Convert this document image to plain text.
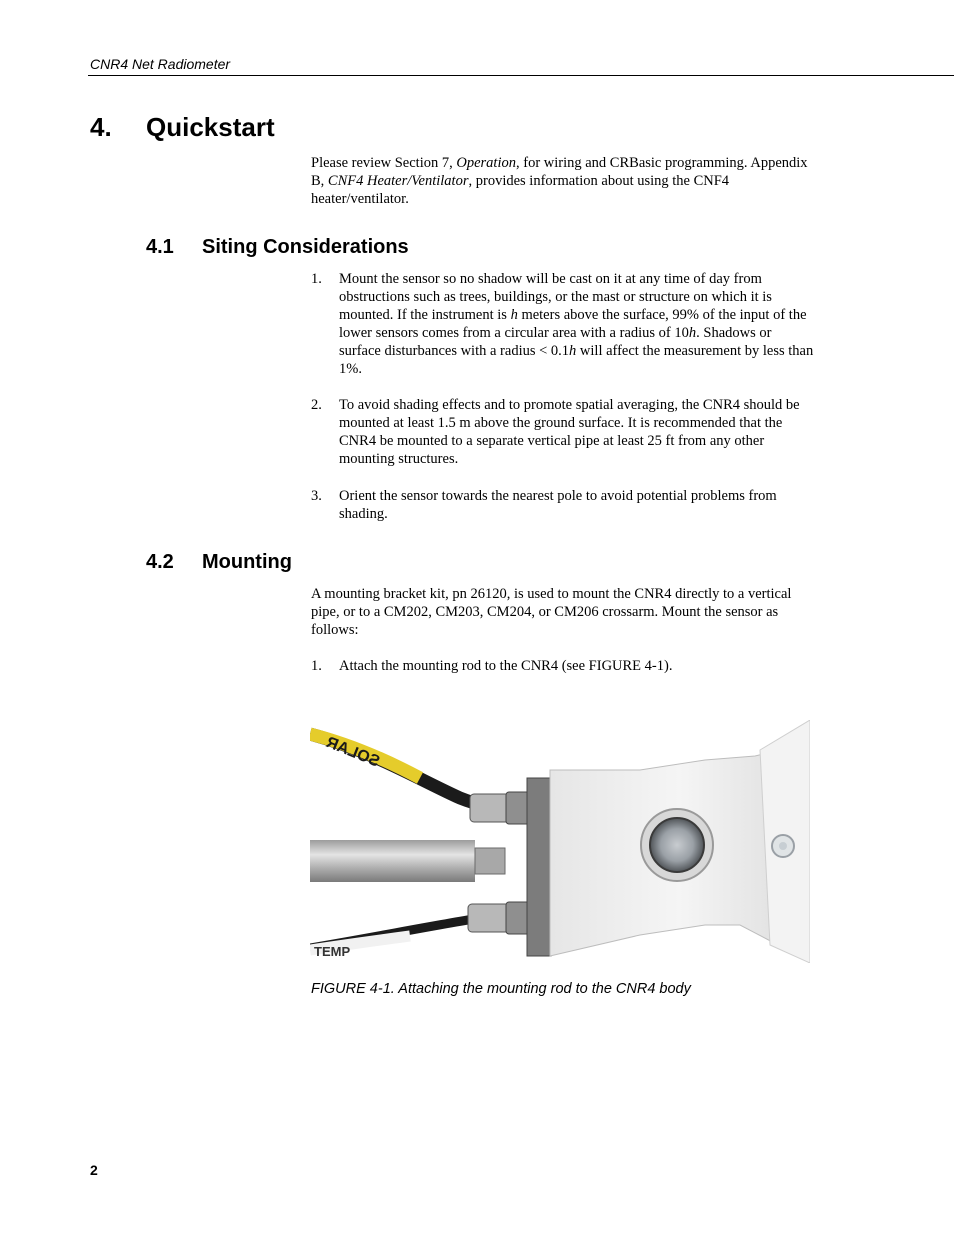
CNR4 Net Radiometer
4. Quickstart
Please review Section 7, Operation, for wiring and CRBasic programming. Appendix B, CNF4 Heater/Ventilator, provides information about using the CNF4 heater/ventilator.
4.1 Siting Considerations
1. Mount the sensor so no shadow will be cast on it at any time of day from obstructions such as trees, buildings, or the mast or structure on which it is mounted. If the instrument is h meters above the surface, 99% of the input of the lower sensors comes from a circular area with a radius of 10h. Shadows or surface disturbances with a radius < 0.1h will affect the measurement by less than 1%.
2. To avoid shading effects and to promote spatial averaging, the CNR4 should be mounted at least 1.5 m above the ground surface. It is recommended that the CNR4 be mounted to a separate vertical pipe at least 25 ft from any other mounting structures.
3. Orient the sensor towards the nearest pole to avoid potential problems from shading.
4.2 Mounting
A mounting bracket kit, pn 26120, is used to mount the CNR4 directly to a vertical pipe, or to a CM202, CM203, CM204, or CM206 crossarm. Mount the sensor as follows:
1. Attach the mounting rod to the CNR4 (see FIGURE 4-1).
SOLAR
TEMP
FIGURE 4-1. Attaching the mounting rod to the CNR4 body
2
